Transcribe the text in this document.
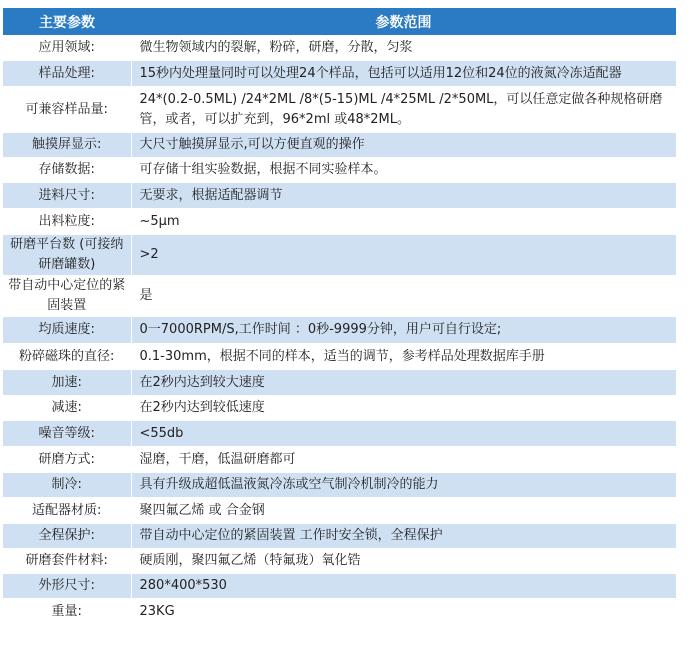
主要参数	参数范围
应用领域:	微生物领域内的裂解，粉碎，研磨，分散，匀浆
样品处理:	15秒内处理量同时可以处理24个样品，包括可以适用12位和24位的液氮冷冻适配器
可兼容样品量:	24*(0.2-0.5ML) /24*2ML /8*(5-15)ML /4*25ML /2*50ML，可以任意定做各种规格研磨管，或者，可以扩充到，96*2ml 或48*2ML。
触摸屏显示:	大尺寸触摸屏显示,可以方便直观的操作
存储数据:	可存储十组实验数据，根据不同实验样本。
进料尺寸:	无要求，根据适配器调节
出料粒度:	~5μm
研磨平台数 (可接纳研磨罐数)	>2
带自动中心定位的紧固装置	是
均质速度:	0一7000RPM/S,工作时间 ：0秒-9999分钟，用户可自行设定;
粉碎磁珠的直径:	0.1-30mm，根据不同的样本，适当的调节，参考样品处理数据库手册
加速:	在2秒内达到较大速度
减速:	在2秒内达到较低速度
噪音等级:	<55db
研磨方式:	湿磨，干磨，低温研磨都可
制冷:	具有升级成超低温液氮冷冻或空气制冷机制冷的能力
适配器材质:	聚四氟乙烯 或 合金钢
全程保护:	带自动中心定位的紧固装置 工作时安全锁，全程保护
研磨套件材料:	硬质刚，聚四氟乙烯（特氟珑）氧化锆
外形尺寸:	280*400*530
重量:	23KG
